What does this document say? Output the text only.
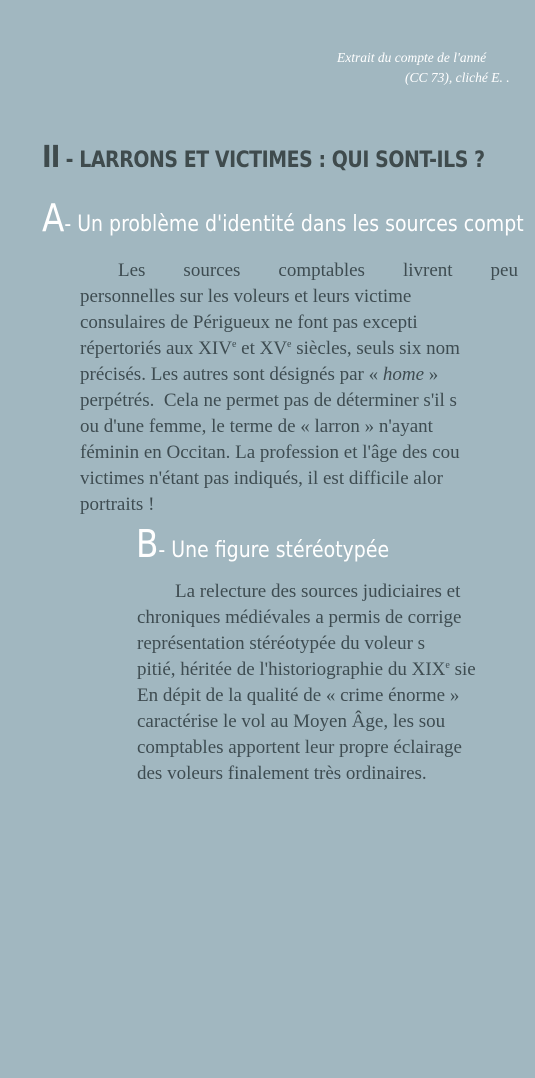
Extrait du compte de l'anné
(CC 73), cliché E. .
II - LARRONS ET VICTIMES : QUI SONT-ILS ?
A- Un problème d'identité dans les sources compt
Les        sources        comptables        livrent        peu
personnelles sur les voleurs et leurs victime
consulaires de Périgueux ne font pas excepti
répertoriés aux XIVe et XVe siècles, seuls six nom
précisés. Les autres sont désignés par « home »
perpétrés.  Cela ne permet pas de déterminer s'il s
ou d'une femme, le terme de « larron » n'ayant
féminin en Occitan. La profession et l'âge des cou
victimes n'étant pas indiqués, il est difficile alor
portraits !
B- Une figure stéréotypée
La relecture des sources judiciaires et
chroniques médiévales a permis de corrige
représentation stéréotypée du voleur s
pitié, héritée de l'historiographie du XIXe sie
En dépit de la qualité de « crime énorme »
caractérise le vol au Moyen Âge, les sou
comptables apportent leur propre éclairage
des voleurs finalement très ordinaires.
